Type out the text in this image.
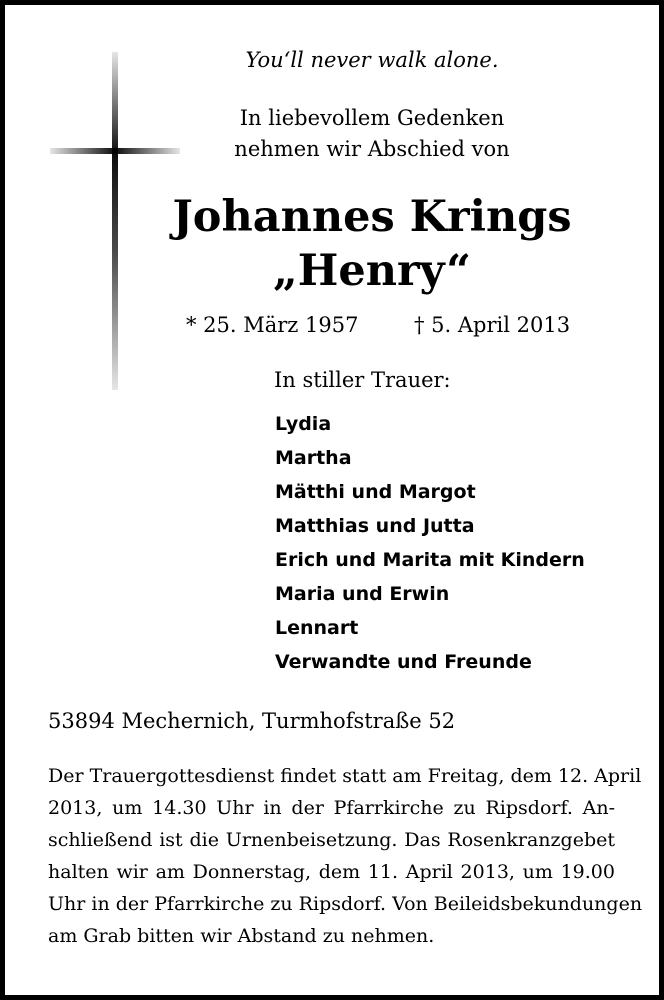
You‘ll never walk alone.
In liebevollem Gedenken
nehmen wir Abschied von
Johannes Krings
„Henry“
* 25. März 1957	† 5. April 2013
In stiller Trauer:
Lydia
Martha
Mätthi und Margot
Matthias und Jutta
Erich und Marita mit Kindern
Maria und Erwin
Lennart
Verwandte und Freunde
53894 Mechernich, Turmhofstraße 52
Der Trauergottesdienst findet statt am Freitag, dem 12. April
2013, um 14.30 Uhr in der Pfarrkirche zu Ripsdorf. An-
schließend ist die Urnenbeisetzung. Das Rosenkranzgebet
halten wir am Donnerstag, dem 11. April 2013, um 19.00
Uhr in der Pfarrkirche zu Ripsdorf. Von Beileidsbekundungen
am Grab bitten wir Abstand zu nehmen.
